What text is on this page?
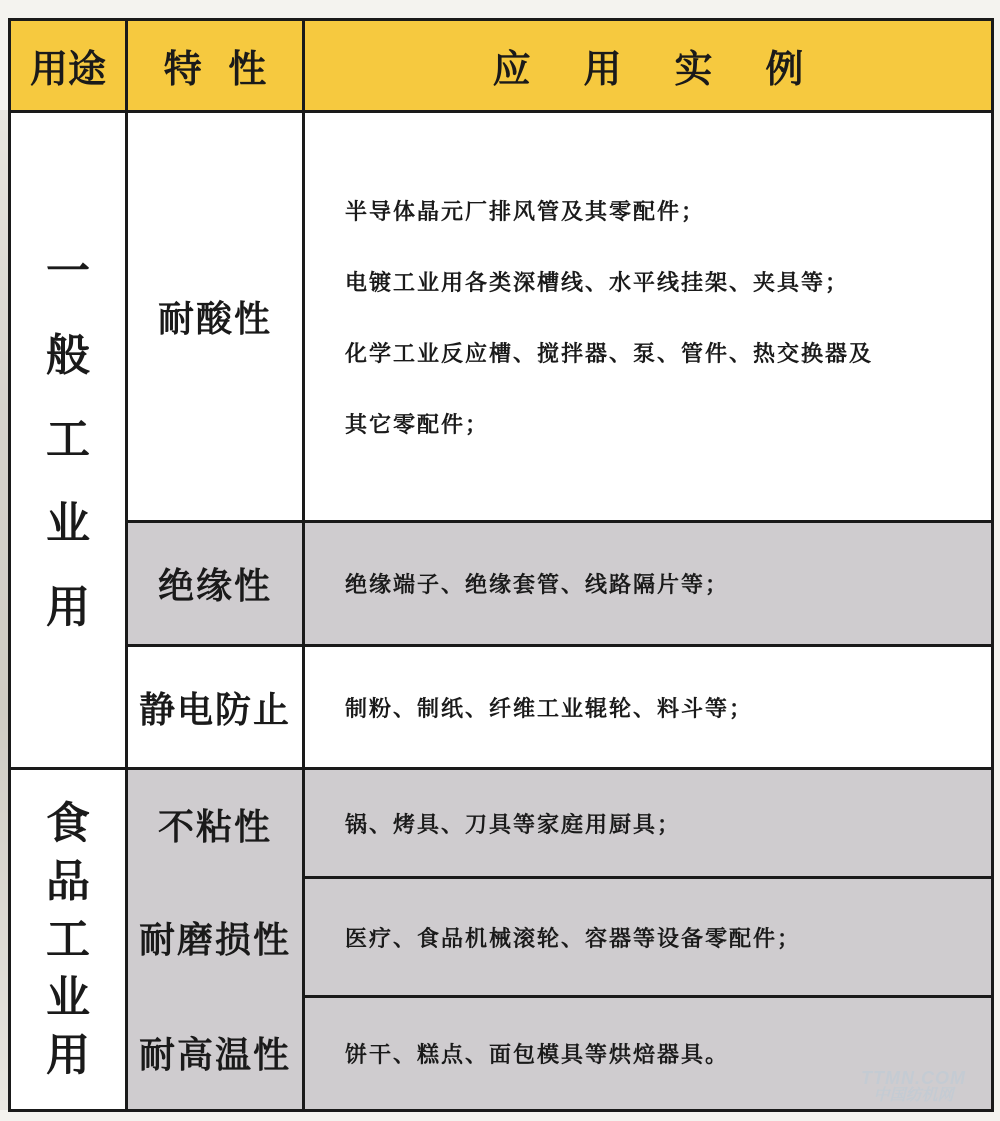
用途 特  性	应    用    实    例
一
般
工
业
用
耐酸性
半导体晶元厂排风管及其零配件；
电镀工业用各类深槽线、水平线挂架、夹具等；
化学工业反应槽、搅拌器、泵、管件、热交换器及
其它零配件；
绝缘性	绝缘端子、绝缘套管、线路隔片等；
静电防止 制粉、制纸、纤维工业辊轮、料斗等；
食
品
工
业
用
不粘性
耐磨损性
耐高温性
锅、烤具、刀具等家庭用厨具；
医疗、食品机械滚轮、容器等设备零配件；
饼干、糕点、面包模具等烘焙器具。
TTMN.COM
中国纺机网
